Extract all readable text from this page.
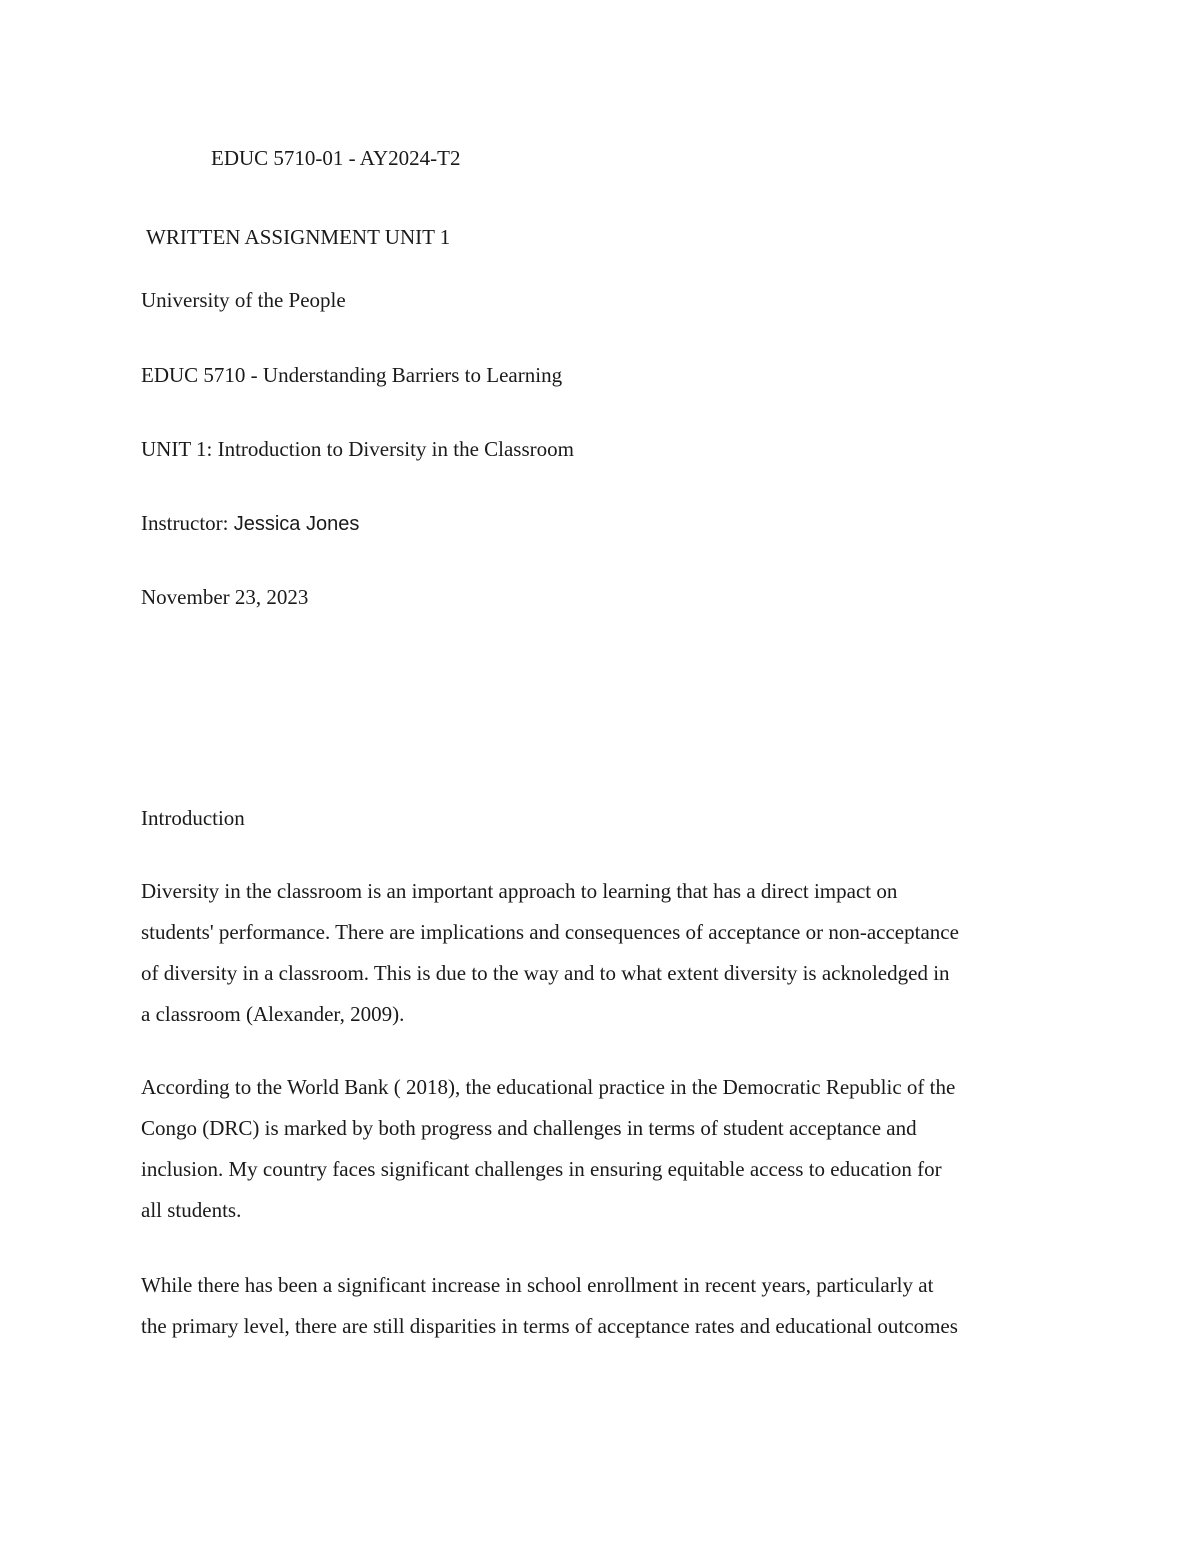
EDUC 5710-01 - AY2024-T2

WRITTEN ASSIGNMENT UNIT 1

University of the People

EDUC 5710 - Understanding Barriers to Learning

UNIT 1: Introduction to Diversity in the Classroom

Instructor: Jessica Jones

November 23, 2023

Introduction

Diversity in the classroom is an important approach to learning that has a direct impact on
students' performance. There are implications and consequences of acceptance or non-acceptance
of diversity in a classroom. This is due to the way and to what extent diversity is acknoledged in
a classroom (Alexander, 2009).
According to the World Bank ( 2018), the educational practice in the Democratic Republic of the
Congo (DRC) is marked by both progress and challenges in terms of student acceptance and
inclusion. My country faces significant challenges in ensuring equitable access to education for
all students.
While there has been a significant increase in school enrollment in recent years, particularly at
the primary level, there are still disparities in terms of acceptance rates and educational outcomes
